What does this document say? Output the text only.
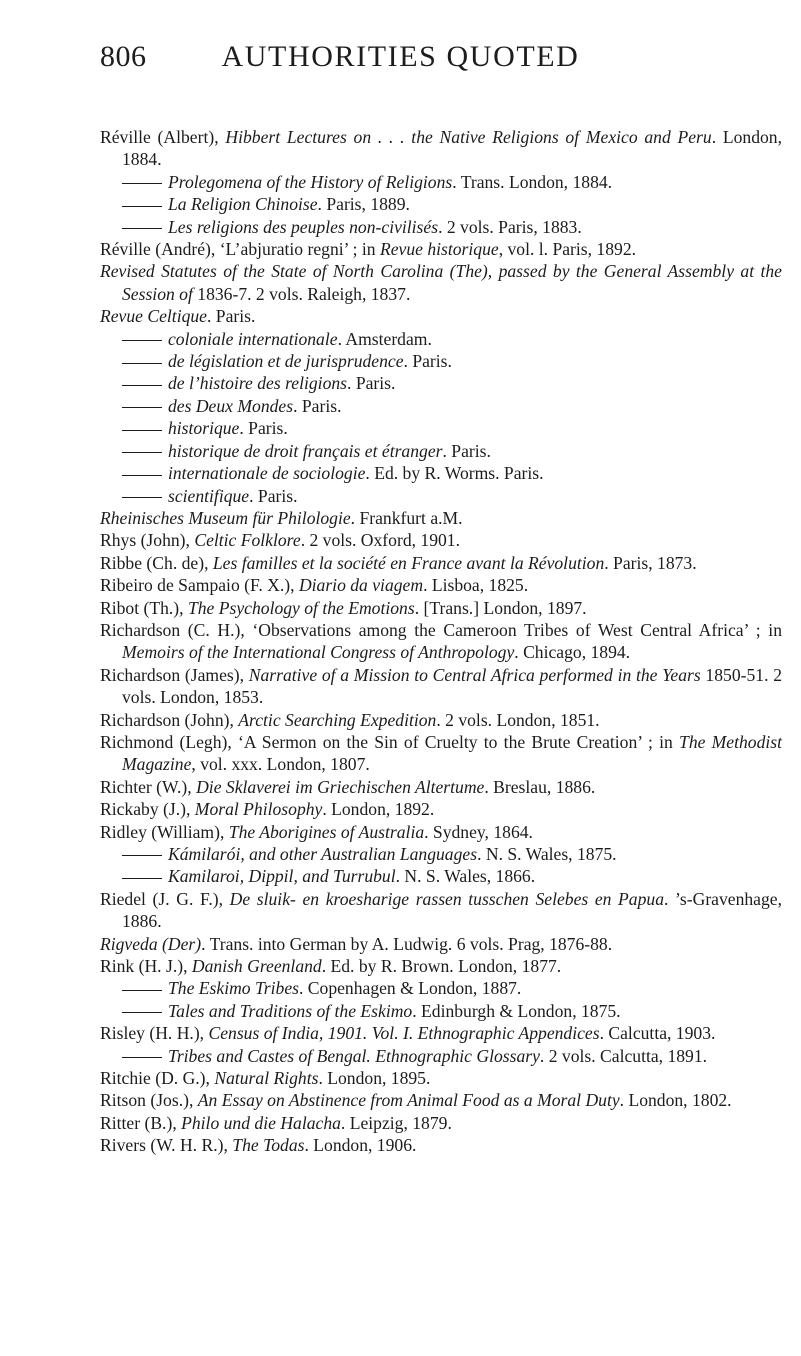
806	AUTHORITIES QUOTED
Réville (Albert), Hibbert Lectures on . . . the Native Religions of Mexico and Peru. London, 1884.
Prolegomena of the History of Religions. Trans. London, 1884.
La Religion Chinoise. Paris, 1889.
Les religions des peuples non-civilisés. 2 vols. Paris, 1883.
Réville (André), ‘L’abjuratio regni’ ; in Revue historique, vol. l. Paris, 1892.
Revised Statutes of the State of North Carolina (The), passed by the General Assembly at the Session of 1836-7. 2 vols. Raleigh, 1837.
Revue Celtique. Paris.
coloniale internationale. Amsterdam.
de législation et de jurisprudence. Paris.
de l’histoire des religions. Paris.
des Deux Mondes. Paris.
historique. Paris.
historique de droit français et étranger. Paris.
internationale de sociologie. Ed. by R. Worms. Paris.
scientifique. Paris.
Rheinisches Museum für Philologie. Frankfurt a.M.
Rhys (John), Celtic Folklore. 2 vols. Oxford, 1901.
Ribbe (Ch. de), Les familles et la société en France avant la Révolution. Paris, 1873.
Ribeiro de Sampaio (F. X.), Diario da viagem. Lisboa, 1825.
Ribot (Th.), The Psychology of the Emotions. [Trans.] London, 1897.
Richardson (C. H.), ‘Observations among the Cameroon Tribes of West Central Africa’ ; in Memoirs of the International Congress of Anthropology. Chicago, 1894.
Richardson (James), Narrative of a Mission to Central Africa performed in the Years 1850-51. 2 vols. London, 1853.
Richardson (John), Arctic Searching Expedition. 2 vols. London, 1851.
Richmond (Legh), ‘A Sermon on the Sin of Cruelty to the Brute Creation’ ; in The Methodist Magazine, vol. xxx. London, 1807.
Richter (W.), Die Sklaverei im Griechischen Altertume. Breslau, 1886.
Rickaby (J.), Moral Philosophy. London, 1892.
Ridley (William), The Aborigines of Australia. Sydney, 1864.
Kámilarói, and other Australian Languages. N. S. Wales, 1875.
Kamilaroi, Dippil, and Turrubul. N. S. Wales, 1866.
Riedel (J. G. F.), De sluik- en kroesharige rassen tusschen Selebes en Papua. ’s-Gravenhage, 1886.
Rigveda (Der). Trans. into German by A. Ludwig. 6 vols. Prag, 1876-88.
Rink (H. J.), Danish Greenland. Ed. by R. Brown. London, 1877.
The Eskimo Tribes. Copenhagen & London, 1887.
Tales and Traditions of the Eskimo. Edinburgh & London, 1875.
Risley (H. H.), Census of India, 1901. Vol. I. Ethnographic Appendices. Calcutta, 1903.
Tribes and Castes of Bengal. Ethnographic Glossary. 2 vols. Calcutta, 1891.
Ritchie (D. G.), Natural Rights. London, 1895.
Ritson (Jos.), An Essay on Abstinence from Animal Food as a Moral Duty. London, 1802.
Ritter (B.), Philo und die Halacha. Leipzig, 1879.
Rivers (W. H. R.), The Todas. London, 1906.
